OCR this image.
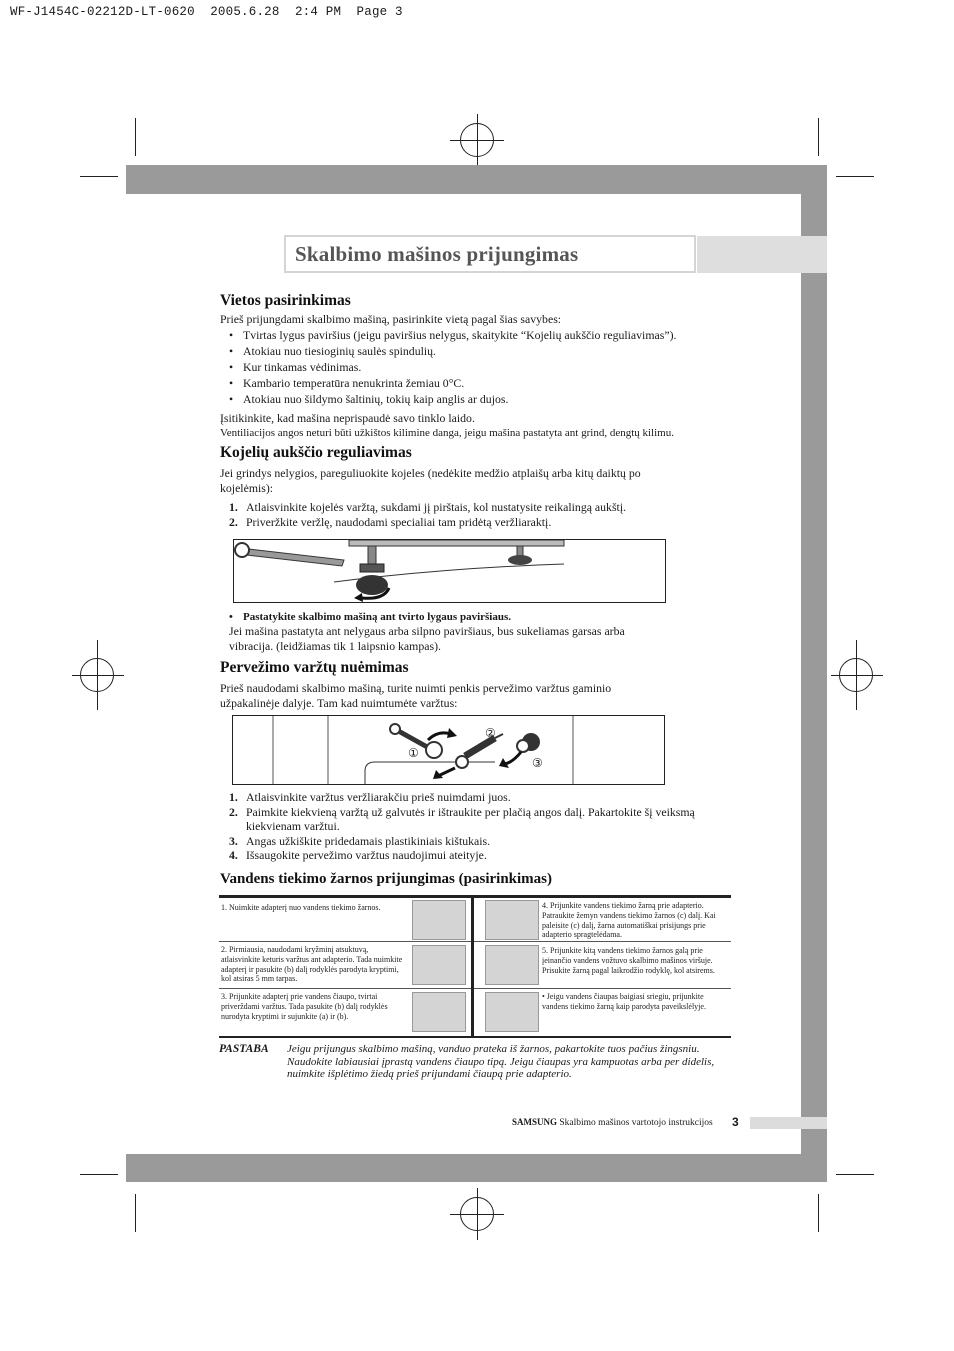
WF-J1454C-02212D-LT-0620  2005.6.28  2:4 PM  Page 3
Skalbimo mašinos prijungimas
Vietos pasirinkimas

Prieš prijungdami skalbimo mašiną, pasirinkite vietą pagal šias savybes:

• Tvirtas lygus paviršius (jeigu paviršius nelygus, skaitykite “Kojelių aukščio reguliavimas”).
• Atokiau nuo tiesioginių saulės spindulių.
• Kur tinkamas vėdinimas.
• Kambario temperatūra nenukrinta žemiau 0°C.
• Atokiau nuo šildymo šaltinių, tokių kaip anglis ar dujos.

Įsitikinkite, kad mašina neprispaudė savo tinklo laido.

Ventiliacijos angos neturi būti užkištos kilimine danga, jeigu mašina pastatyta ant grind, dengtų kilimu.

Kojelių aukščio reguliavimas

Jei grindys nelygios, pareguliuokite kojeles (nedėkite medžio atplaišų arba kitų daiktų po kojelėmis):

1. Atlaisvinkite kojelės varžtą, sukdami jį pirštais, kol nustatysite reikalingą aukštį.
2. Priveržkite veržlę, naudodami specialiai tam pridėtą veržliaraktį.
• Pastatykite skalbimo mašiną ant tvirto lygaus paviršiaus.

Jei mašina pastatyta ant nelygaus arba silpno paviršiaus, bus sukeliamas garsas arba vibracija. (leidžiamas tik 1 laipsnio kampas).

Pervežimo varžtų nuėmimas

Prieš naudodami skalbimo mašiną, turite nuimti penkis pervežimo varžtus gaminio užpakalinėje dalyje. Tam kad nuimtumėte varžtus:

①
②
③
1. Atlaisvinkite varžtus veržliarakčiu prieš nuimdami juos.
2. Paimkite kiekvieną varžtą už galvutės ir ištraukite per plačią angos dalį. Pakartokite šį veiksmą kiekvienam varžtui.
3. Angas užkiškite pridedamais plastikiniais kištukais.
4. Išsaugokite pervežimo varžtus naudojimui ateityje.
Vandens tiekimo žarnos prijungimas (pasirinkimas)
1. Nuimkite adapterį nuo vandens tiekimo žarnos.
2. Pirmiausia, naudodami kryžminį atsuktuvą, atlaisvinkite keturis varžtus ant adapterio. Tada nuimkite adapterį ir pasukite (b) dalį rodyklės parodyta kryptimi, kol atsiras 5 mm tarpas.
3. Prijunkite adapterį prie vandens čiaupo, tvirtai priverždami varžtus. Tada pasukite (b) dalį rodyklės nurodyta kryptimi ir sujunkite (a) ir (b).
4. Prijunkite vandens tiekimo žarną prie adapterio. Patraukite žemyn vandens tiekimo žarnos (c) dalį. Kai paleisite (c) dalį, žarna automatiškai prisijungs prie adapterio spragtelėdama.
5. Prijunkite kitą vandens tiekimo žarnos galą prie įeinančio vandens vožtuvo skalbimo mašinos viršuje. Prisukite žarną pagal laikrodžio rodyklę, kol atsirems.
• Jeigu vandens čiaupas baigiasi sriegiu, prijunkite vandens tiekimo žarną kaip parodyta paveikslėlyje.
PASTABA Jeigu prijungus skalbimo mašiną, vanduo prateka iš žarnos, pakartokite tuos pačius žingsniu. Naudokite labiausiai įprastą vandens čiaupo tipą. Jeigu čiaupas yra kampuotas arba per didelis, nuimkite išplėtimo žiedą prieš prijundami čiaupą prie adapterio.
SAMSUNG Skalbimo mašinos vartotojo instrukcijos 3
